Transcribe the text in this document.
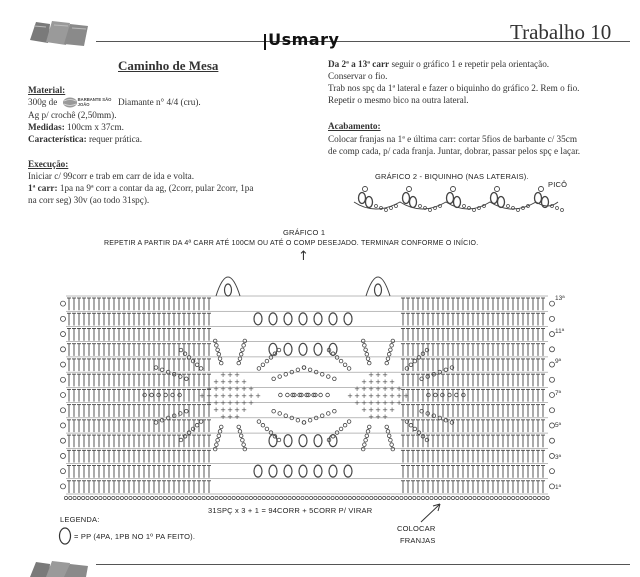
Usmary	Trabalho 10
Caminho de Mesa
Material:
300g de	BARBANTE SÃO JOÃO	Diamante n° 4/4 (cru).
Ag p/ crochê (2,50mm).
Medidas: 100cm x 37cm.
Característica: requer prática.
Execução:
Iniciar c/ 99corr e trab em carr de ida e volta.
1ª carr: 1pa na 9ª corr a contar da ag, (2corr, pular 2corr, 1pa
na corr seg) 30v (ao todo 31spç).
Da 2ª a 13ª carr seguir o gráfico 1 e repetir pela orientação.
Conservar o fio.
Trab nos spç da 1ª lateral e fazer o biquinho do gráfico 2. Rem o fio.
Repetir o mesmo bico na outra lateral.
Acabamento:
Colocar franjas na 1ª e última carr: cortar 5fios de barbante c/ 35cm
de comp cada, p/ cada franja. Juntar, dobrar, passar pelos spç e laçar.
GRÁFICO 2 - BIQUINHO (NAS LATERAIS).
PICÔ
GRÁFICO 1
REPETIR A PARTIR DA 4ª CARR ATÉ 100CM OU ATÉ O COMP DESEJADO. TERMINAR CONFORME O INÍCIO.
↑
+ + +
+ + + + +
+ + + + + + +
+ + + + + + + + +
+ + + + + + +
+ + + + +
+ + +
+ + +
+ + + + +
+ + + + + + +
+ + + + + + + + +
+ + + + + + +
+ + + + +
+ + +
13ª
11ª
9ª
7ª
5ª
3ª
1ª
31SPÇ x 3 + 1 = 94CORR + 5CORR P/ VIRAR
COLOCAR
FRANJAS
LEGENDA:
= PP (4PA, 1PB NO 1º PA FEITO).
